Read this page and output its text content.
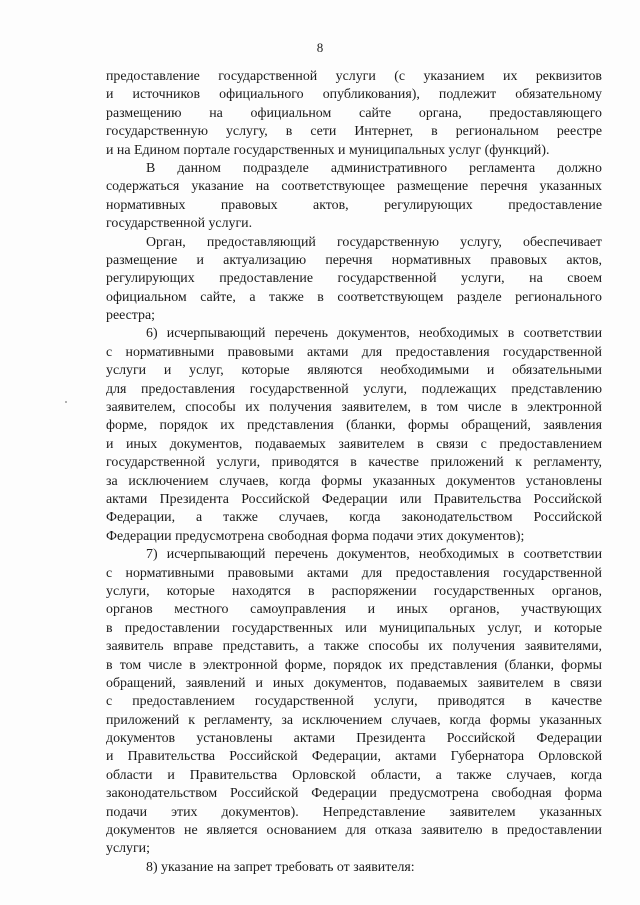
8
предоставление государственной услуги (с указанием их реквизитов
и источников официального опубликования), подлежит обязательному
размещению на официальном сайте органа, предоставляющего
государственную услугу, в сети Интернет, в региональном реестре
и на Едином портале государственных и муниципальных услуг (функций).
В данном подразделе административного регламента должно
содержаться указание на соответствующее размещение перечня указанных
нормативных правовых актов, регулирующих предоставление
государственной услуги.
Орган, предоставляющий государственную услугу, обеспечивает
размещение и актуализацию перечня нормативных правовых актов,
регулирующих предоставление государственной услуги, на своем
официальном сайте, а также в соответствующем разделе регионального
реестра;
6) исчерпывающий перечень документов, необходимых в соответствии
с нормативными правовыми актами для предоставления государственной
услуги и услуг, которые являются необходимыми и обязательными
для предоставления государственной услуги, подлежащих представлению
заявителем, способы их получения заявителем, в том числе в электронной
форме, порядок их представления (бланки, формы обращений, заявления
и иных документов, подаваемых заявителем в связи с предоставлением
государственной услуги, приводятся в качестве приложений к регламенту,
за исключением случаев, когда формы указанных документов установлены
актами Президента Российской Федерации или Правительства Российской
Федерации, а также случаев, когда законодательством Российской
Федерации предусмотрена свободная форма подачи этих документов);
7) исчерпывающий перечень документов, необходимых в соответствии
с нормативными правовыми актами для предоставления государственной
услуги, которые находятся в распоряжении государственных органов,
органов местного самоуправления и иных органов, участвующих
в предоставлении государственных или муниципальных услуг, и которые
заявитель вправе представить, а также способы их получения заявителями,
в том числе в электронной форме, порядок их представления (бланки, формы
обращений, заявлений и иных документов, подаваемых заявителем в связи
с предоставлением государственной услуги, приводятся в качестве
приложений к регламенту, за исключением случаев, когда формы указанных
документов установлены актами Президента Российской Федерации
и Правительства Российской Федерации, актами Губернатора Орловской
области и Правительства Орловской области, а также случаев, когда
законодательством Российской Федерации предусмотрена свободная форма
подачи этих документов). Непредставление заявителем указанных
документов не является основанием для отказа заявителю в предоставлении
услуги;
8) указание на запрет требовать от заявителя:
